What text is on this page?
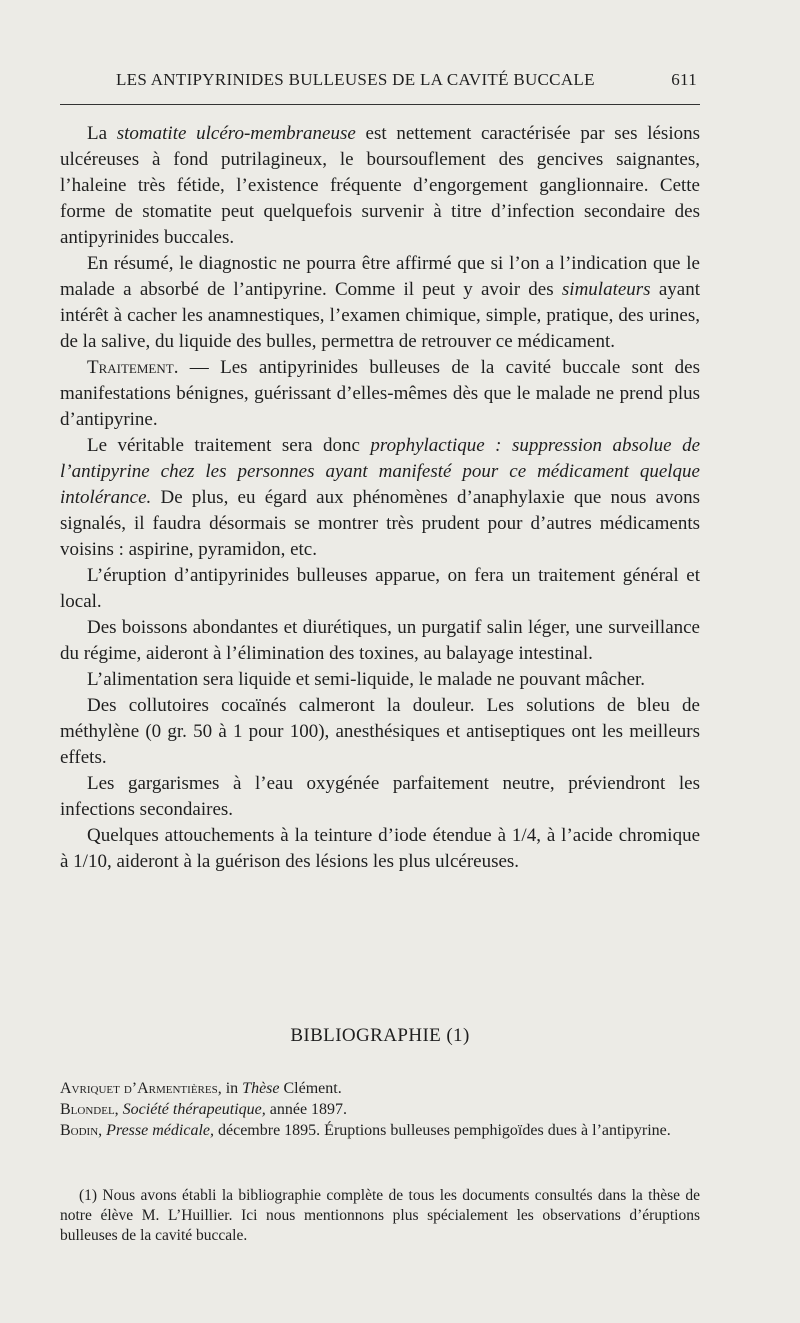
LES ANTIPYRINIDES BULLEUSES DE LA CAVITÉ BUCCALE	611

La stomatite ulcéro-membraneuse est nettement caractérisée par ses lésions ulcéreuses à fond putrilagineux, le boursouflement des gencives saignantes, l’haleine très fétide, l’existence fréquente d’engorgement ganglionnaire. Cette forme de stomatite peut quelquefois survenir à titre d’infection secondaire des antipyrinides buccales.

En résumé, le diagnostic ne pourra être affirmé que si l’on a l’indication que le malade a absorbé de l’antipyrine. Comme il peut y avoir des simulateurs ayant intérêt à cacher les anamnestiques, l’examen chimique, simple, pratique, des urines, de la salive, du liquide des bulles, permettra de retrouver ce médicament.

Traitement. — Les antipyrinides bulleuses de la cavité buccale sont des manifestations bénignes, guérissant d’elles-mêmes dès que le malade ne prend plus d’antipyrine.

Le véritable traitement sera donc prophylactique : suppression absolue de l’antipyrine chez les personnes ayant manifesté pour ce médicament quelque intolérance. De plus, eu égard aux phénomènes d’anaphylaxie que nous avons signalés, il faudra désormais se montrer très prudent pour d’autres médicaments voisins : aspirine, pyramidon, etc.

L’éruption d’antipyrinides bulleuses apparue, on fera un traitement général et local.

Des boissons abondantes et diurétiques, un purgatif salin léger, une surveillance du régime, aideront à l’élimination des toxines, au balayage intestinal.

L’alimentation sera liquide et semi-liquide, le malade ne pouvant mâcher.

Des collutoires cocaïnés calmeront la douleur. Les solutions de bleu de méthylène (0 gr. 50 à 1 pour 100), anesthésiques et antiseptiques ont les meilleurs effets.

Les gargarismes à l’eau oxygénée parfaitement neutre, préviendront les infections secondaires.

Quelques attouchements à la teinture d’iode étendue à 1/4, à l’acide chromique à 1/10, aideront à la guérison des lésions les plus ulcéreuses.

BIBLIOGRAPHIE (1)

Avriquet d’Armentières, in Thèse Clément.

Blondel, Société thérapeutique, année 1897.

Bodin, Presse médicale, décembre 1895. Éruptions bulleuses pemphigoïdes dues à l’antipyrine.

(1) Nous avons établi la bibliographie complète de tous les documents consultés dans la thèse de notre élève M. L’Huillier. Ici nous mentionnons plus spécialement les observations d’éruptions bulleuses de la cavité buccale.
